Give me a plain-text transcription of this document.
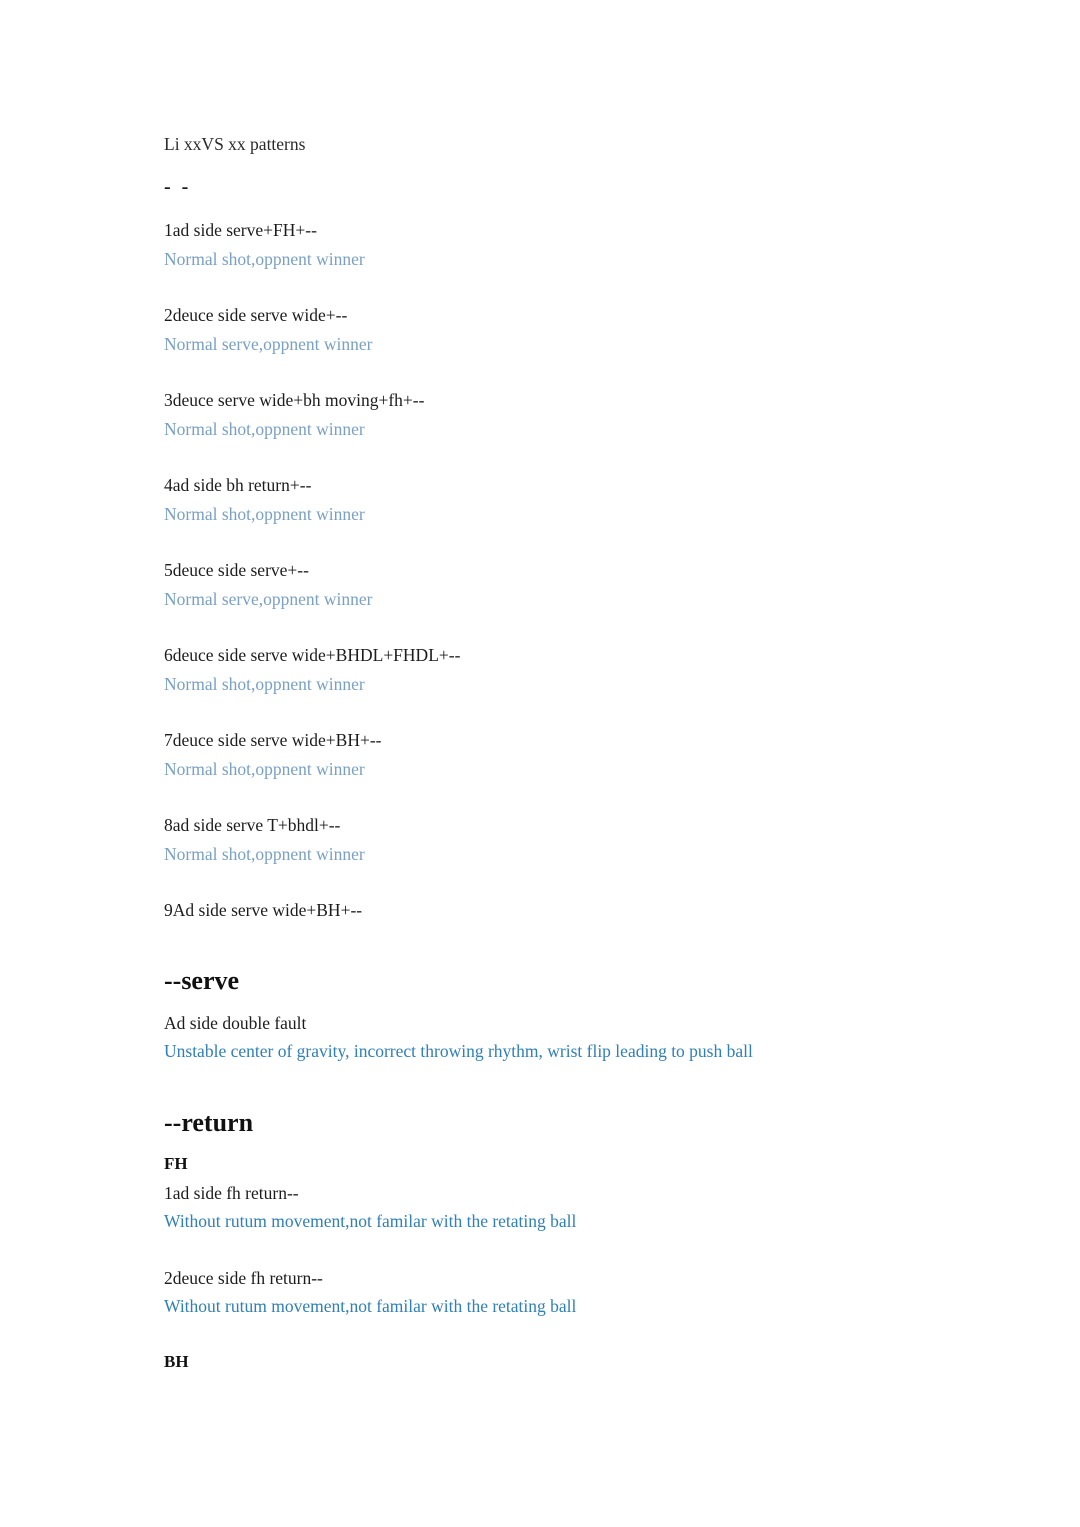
Li xxVS xx patterns
- -
1ad side serve+FH+--
Normal shot,oppnent winner
2deuce side serve wide+--
Normal serve,oppnent winner
3deuce serve wide+bh moving+fh+--
Normal shot,oppnent winner
4ad side bh return+--
Normal shot,oppnent winner
5deuce side serve+--
Normal serve,oppnent winner
6deuce side serve wide+BHDL+FHDL+--
Normal shot,oppnent winner
7deuce side serve wide+BH+--
Normal shot,oppnent winner
8ad side serve T+bhdl+--
Normal shot,oppnent winner
9Ad side serve wide+BH+--
--serve
Ad side double fault
Unstable center of gravity, incorrect throwing rhythm, wrist flip leading to push ball
--return
FH
1ad side fh return--
Without rutum movement,not familar with the retating ball
2deuce side fh return--
Without rutum movement,not familar with the retating ball
BH
